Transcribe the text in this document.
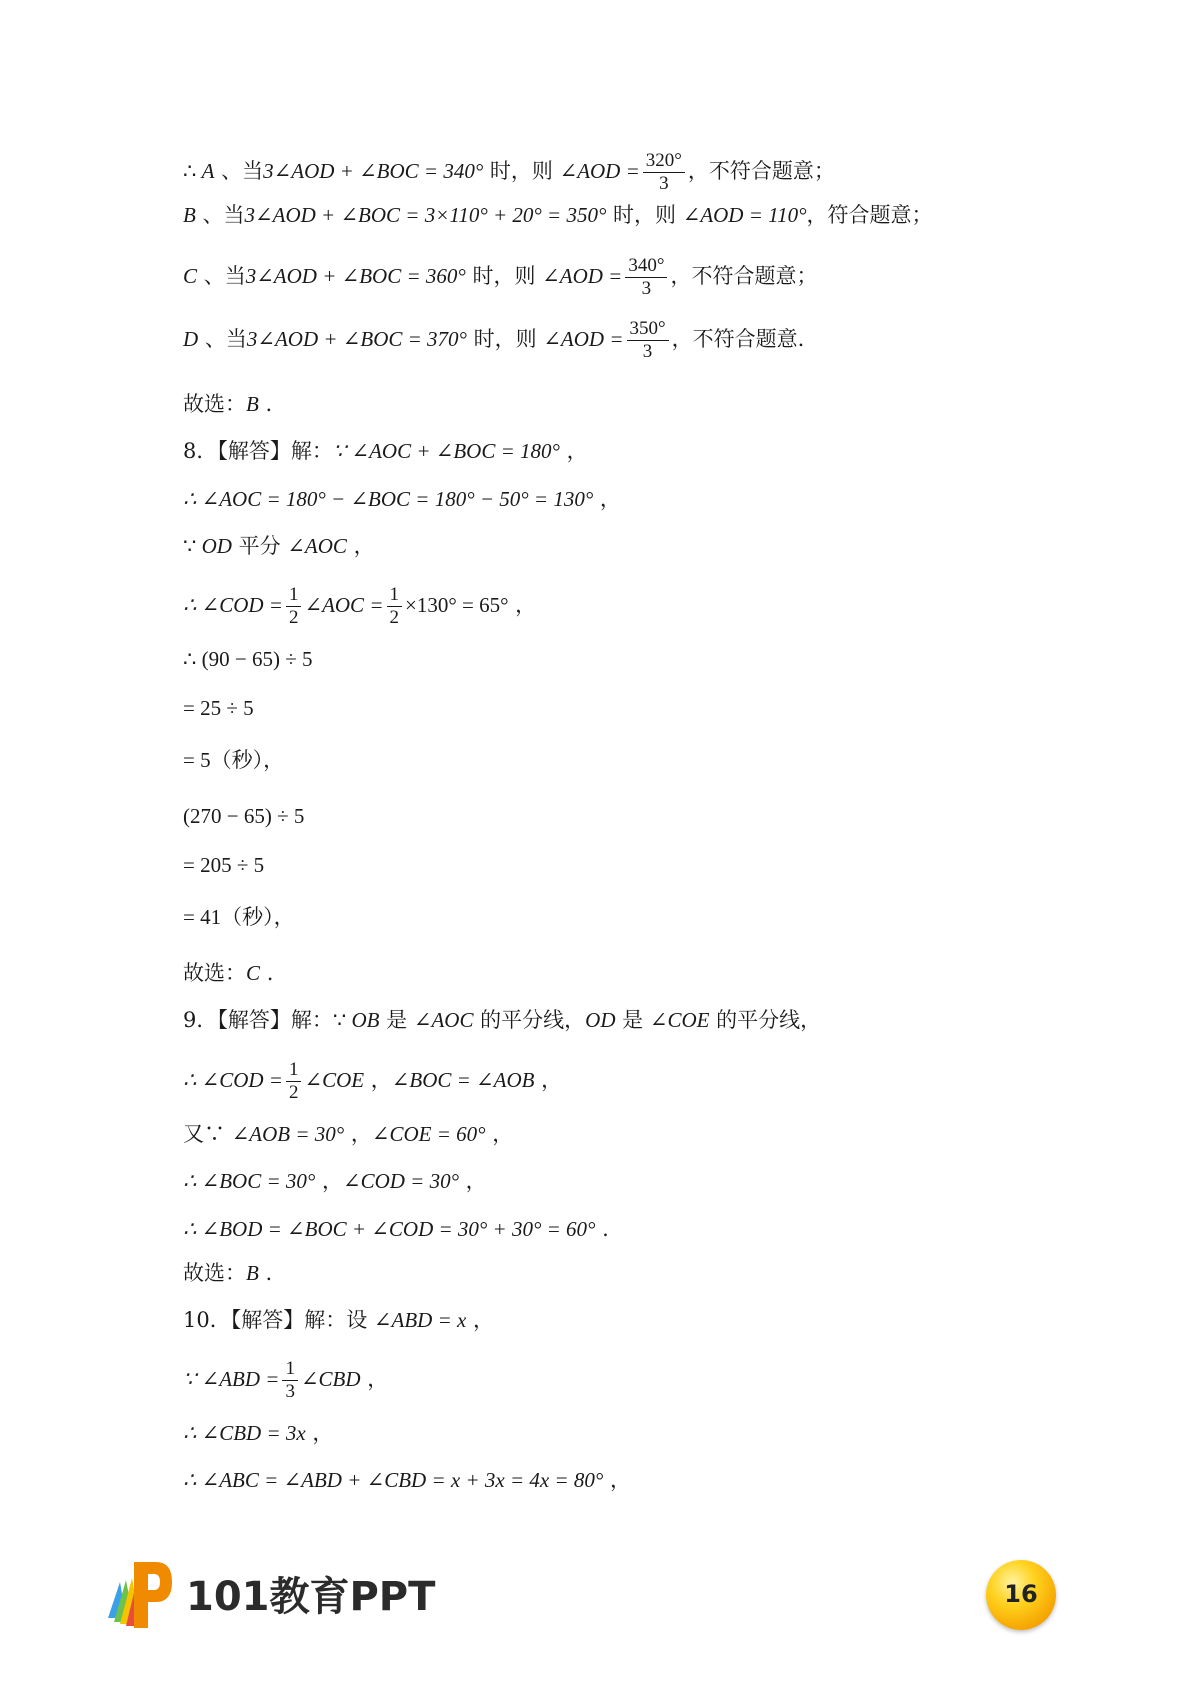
∴ A 、当3∠AOD + ∠BOC = 340° 时，则 ∠AOD = $\frac{320^\circ}{3}$ ，不符合题意；
B 、当3∠AOD + ∠BOC = 3×110° + 20° = 350° 时，则 ∠AOD = 110°，符合题意；
C 、当3∠AOD + ∠BOC = 360° 时，则 ∠AOD = $\frac{340^\circ}{3}$ ，不符合题意；
D 、当3∠AOD + ∠BOC = 370° 时，则 ∠AOD = $\frac{350^\circ}{3}$ ，不符合题意.
故选：B .
8．【解答】解：∵ ∠AOC + ∠BOC = 180° ，
∴ ∠AOC = 180° − ∠BOC = 180° − 50° = 130° ，
∵ OD 平分 ∠AOC ，
∴ ∠COD = $\frac{1}{2}$ ∠AOC = $\frac{1}{2} \times 130^\circ = 65^\circ$ ，
∴ (90 − 65) ÷ 5
= 25 ÷ 5
= 5（秒），
(270 − 65) ÷ 5
= 205 ÷ 5
= 41（秒），
故选：C .
9．【解答】解：∵ OB 是 ∠AOC 的平分线，OD 是 ∠COE 的平分线，
∴ ∠COD = $\frac{1}{2}$ ∠COE ，∠BOC = ∠AOB ，
又∵ ∠AOB = 30° ，∠COE = 60° ，
∴ ∠BOC = 30° ，∠COD = 30° ，
∴ ∠BOD = ∠BOC + ∠COD = 30° + 30° = 60° .
故选：B .
10．【解答】解：设 ∠ABD = x ，
∵ ∠ABD = $\frac{1}{3}$ ∠CBD ，
∴ ∠CBD = 3x ，
∴ ∠ABC = ∠ABD + ∠CBD = x + 3x = 4x = 80° ，
101教育PPT	16
